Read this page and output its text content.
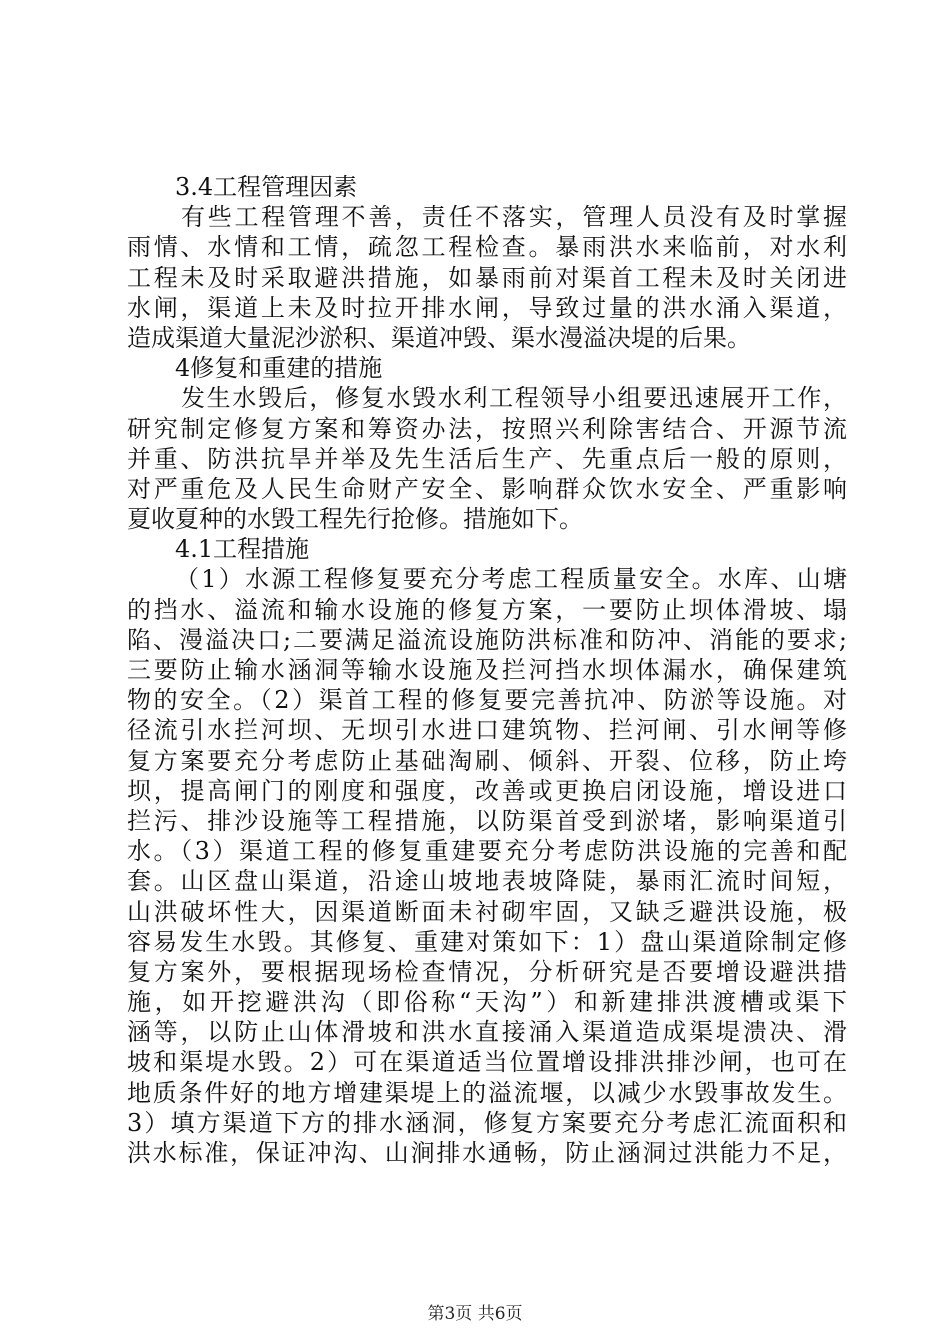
3.4工程管理因素
有些工程管理不善，责任不落实，管理人员没有及时掌握
雨情、水情和工情，疏忽工程检查。暴雨洪水来临前，对水利
工程未及时采取避洪措施，如暴雨前对渠首工程未及时关闭进
水闸，渠道上未及时拉开排水闸，导致过量的洪水涌入渠道，
造成渠道大量泥沙淤积、渠道冲毁、渠水漫溢决堤的后果。
4修复和重建的措施
发生水毁后，修复水毁水利工程领导小组要迅速展开工作，
研究制定修复方案和筹资办法，按照兴利除害结合、开源节流
并重、防洪抗旱并举及先生活后生产、先重点后一般的原则，
对严重危及人民生命财产安全、影响群众饮水安全、严重影响
夏收夏种的水毁工程先行抢修。措施如下。
4.1工程措施
（1）水源工程修复要充分考虑工程质量安全。水库、山塘
的挡水、溢流和输水设施的修复方案，一要防止坝体滑坡、塌
陷、漫溢决口;二要满足溢流设施防洪标准和防冲、消能的要求;
三要防止输水涵洞等输水设施及拦河挡水坝体漏水，确保建筑
物的安全。（2）渠首工程的修复要完善抗冲、防淤等设施。对
径流引水拦河坝、无坝引水进口建筑物、拦河闸、引水闸等修
复方案要充分考虑防止基础淘刷、倾斜、开裂、位移，防止垮
坝，提高闸门的刚度和强度，改善或更换启闭设施，增设进口
拦污、排沙设施等工程措施，以防渠首受到淤堵，影响渠道引
水。（3）渠道工程的修复重建要充分考虑防洪设施的完善和配
套。山区盘山渠道，沿途山坡地表坡降陡，暴雨汇流时间短，
山洪破坏性大，因渠道断面未衬砌牢固，又缺乏避洪设施，极
容易发生水毁。其修复、重建对策如下：1）盘山渠道除制定修
复方案外，要根据现场检查情况，分析研究是否要增设避洪措
施，如开挖避洪沟（即俗称“天沟”）和新建排洪渡槽或渠下
涵等，以防止山体滑坡和洪水直接涌入渠道造成渠堤溃决、滑
坡和渠堤水毁。2）可在渠道适当位置增设排洪排沙闸，也可在
地质条件好的地方增建渠堤上的溢流堰，以减少水毁事故发生。
3）填方渠道下方的排水涵洞，修复方案要充分考虑汇流面积和
洪水标准，保证冲沟、山涧排水通畅，防止涵洞过洪能力不足，
第3页 共6页
